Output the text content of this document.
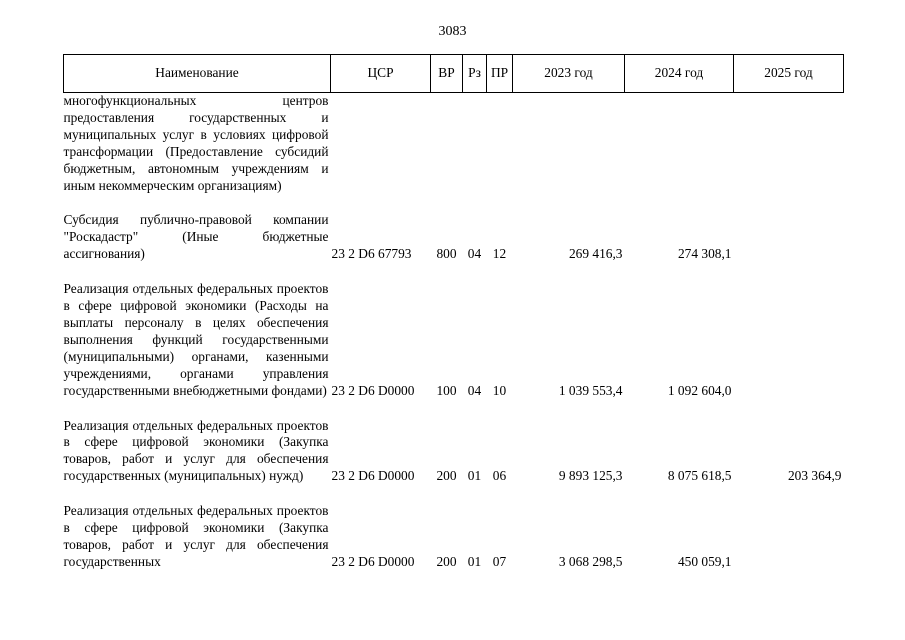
3083
Наименование	ЦСР	ВР	Рз	ПР	2023 год	2024 год	2025 год
многофункциональных центров предоставления государственных и муниципальных услуг в условиях цифровой трансформации (Предоставление субсидий бюджетным, автономным учреждениям и иным некоммерческим организациям)							

Субсидия публично-правовой компании "Роскадастр" (Иные бюджетные ассигнования)	23 2 D6 67793	800	04	12	269 416,3	274 308,1	

Реализация отдельных федеральных проектов в сфере цифровой экономики (Расходы на выплаты персоналу в целях обеспечения выполнения функций государственными (муниципальными) органами, казенными учреждениями, органами управления государственными внебюджетными фондами)	23 2 D6 D0000	100	04	10	1 039 553,4	1 092 604,0	

Реализация отдельных федеральных проектов в сфере цифровой экономики (Закупка товаров, работ и услуг для обеспечения государственных (муниципальных) нужд)	23 2 D6 D0000	200	01	06	9 893 125,3	8 075 618,5	203 364,9

Реализация отдельных федеральных проектов в сфере цифровой экономики (Закупка товаров, работ и услуг для обеспечения государственных	23 2 D6 D0000	200	01	07	3 068 298,5	450 059,1	
